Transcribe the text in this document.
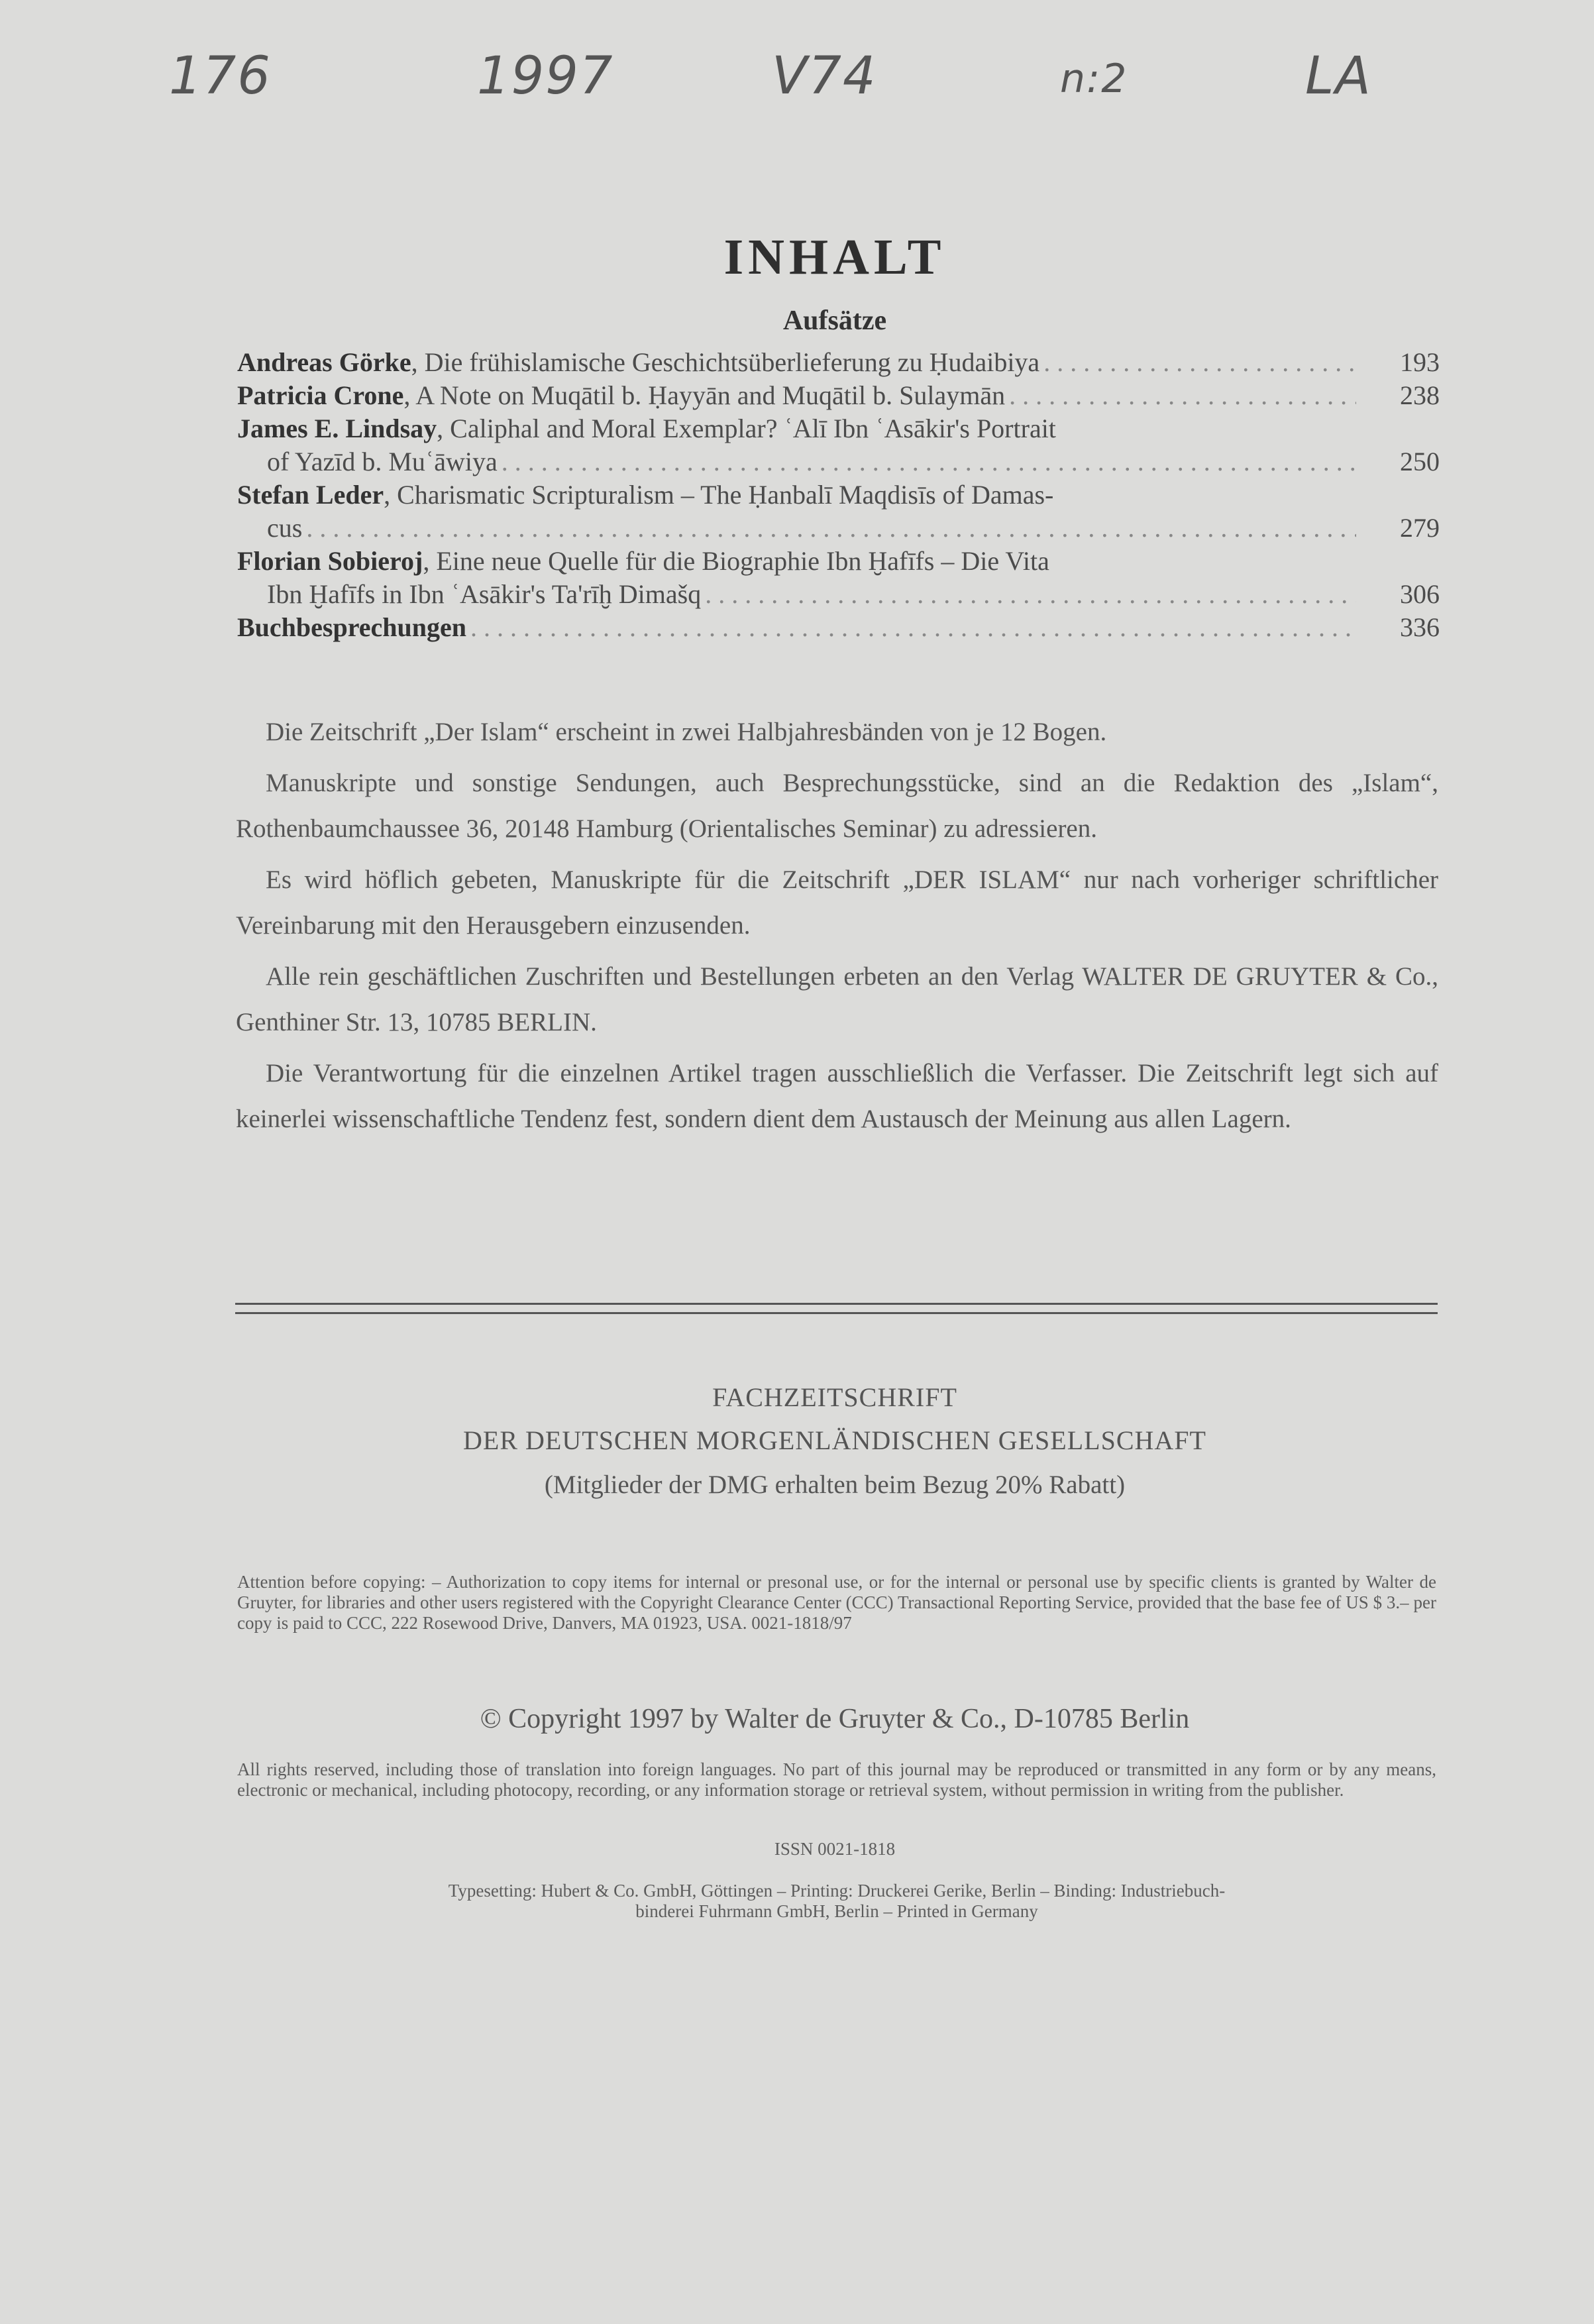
176	1997	V74	n:2	LA
INHALT
Aufsätze
Andreas Görke, Die frühislamische Geschichtsüberlieferung zu Ḥudaibiya . . .	193
Patricia Crone, A Note on Muqātil b. Ḥayyān and Muqātil b. Sulaymān . . .	238
James E. Lindsay , Caliphal and Moral Exemplar? ʿAlī Ibn ʿAsākir's Portrait
of Yazīd b. Muʿāwiya . . .	250
Stefan Leder , Charismatic Scripturalism – The Ḥanbalī Maqdisīs of Damas-
cus . . .	279
Florian Sobieroj , Eine neue Quelle für die Biographie Ibn Ḫafīfs – Die Vita
Ibn Ḫafīfs in Ibn ʿAsākir's Ta'rīḫ Dimašq . . .	306
Buchbesprechungen . . .	336

Die Zeitschrift „Der Islam“ erscheint in zwei Halbjahresbänden von je 12 Bogen.

Manuskripte und sonstige Sendungen, auch Besprechungsstücke, sind an die Redaktion des „Islam“, Rothenbaumchaussee 36, 20148 Hamburg (Orientalisches Seminar) zu adressieren.

Es wird höflich gebeten, Manuskripte für die Zeitschrift „DER ISLAM“ nur nach vorheriger schriftlicher Vereinbarung mit den Herausgebern einzusenden.

Alle rein geschäftlichen Zuschriften und Bestellungen erbeten an den Verlag WALTER DE GRUYTER & Co., Genthiner Str. 13, 10785 BERLIN.

Die Verantwortung für die einzelnen Artikel tragen ausschließlich die Verfasser. Die Zeitschrift legt sich auf keinerlei wissenschaftliche Tendenz fest, sondern dient dem Austausch der Meinung aus allen Lagern.

FACHZEITSCHRIFT
DER DEUTSCHEN MORGENLÄNDISCHEN GESELLSCHAFT
(Mitglieder der DMG erhalten beim Bezug 20% Rabatt)
Attention before copying: – Authorization to copy items for internal or presonal use, or for the internal or personal use by specific clients is granted by Walter de Gruyter, for libraries and other users registered with the Copyright Clearance Center (CCC) Transactional Reporting Service, provided that the base fee of US $ 3.– per copy is paid to CCC, 222 Rosewood Drive, Danvers, MA 01923, USA. 0021-1818/97
© Copyright 1997 by Walter de Gruyter & Co., D-10785 Berlin
All rights reserved, including those of translation into foreign languages. No part of this journal may be reproduced or transmitted in any form or by any means, electronic or mechanical, including photocopy, recording, or any information storage or retrieval system, without permission in writing from the publisher.
ISSN 0021-1818
Typesetting: Hubert & Co. GmbH, Göttingen – Printing: Druckerei Gerike, Berlin – Binding: Industriebuch-
binderei Fuhrmann GmbH, Berlin – Printed in Germany
